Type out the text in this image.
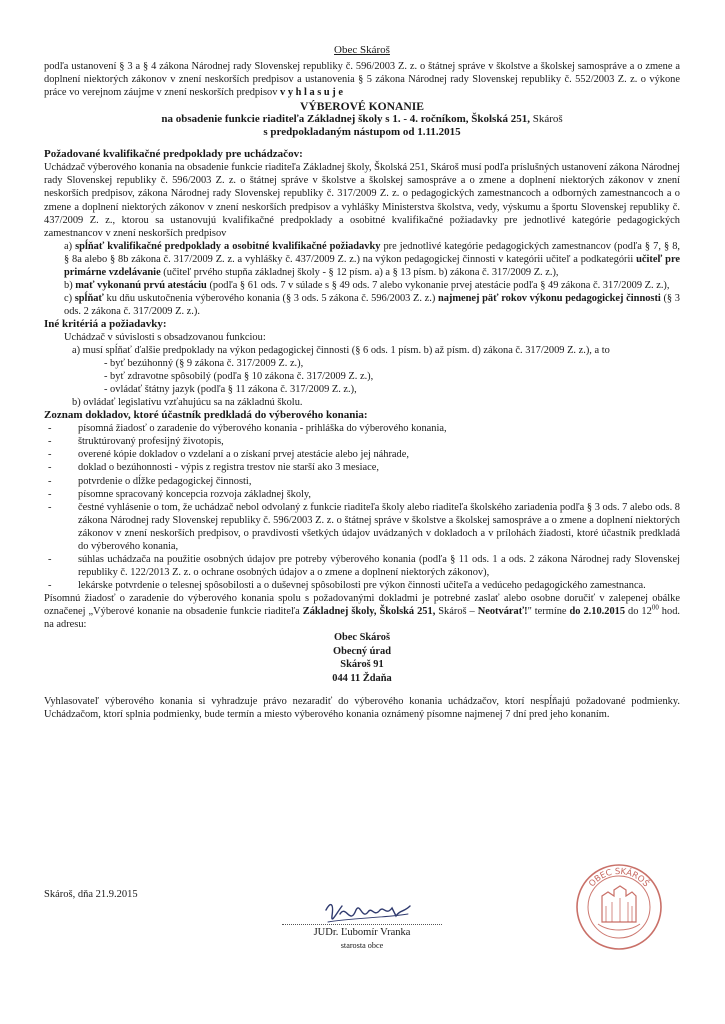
Obec Skároš

podľa ustanovení § 3 a § 4 zákona Národnej rady Slovenskej republiky č. 596/2003 Z. z. o štátnej správe v školstve a školskej samospráve a o zmene a doplnení niektorých zákonov v znení neskorších predpisov a ustanovenia § 5 zákona Národnej rady Slovenskej republiky č. 552/2003 Z. z. o výkone práce vo verejnom záujme v znení neskorších predpisov v y h l a s u j e

VÝBEROVÉ KONANIE

na obsadenie funkcie riaditeľa Základnej školy s 1. - 4. ročníkom, Školská 251, Skároš

s predpokladaným nástupom od 1.11.2015

Požadované kvalifikačné predpoklady pre uchádzačov:

Uchádzač výberového konania na obsadenie funkcie riaditeľa Základnej školy, Školská 251, Skároš musí podľa príslušných ustanovení zákona Národnej rady Slovenskej republiky č. 596/2003 Z. z. o štátnej správe v školstve a školskej samospráve a o zmene a doplnení niektorých zákonov v znení neskorších predpisov, zákona Národnej rady Slovenskej republiky č. 317/2009 Z. z. o pedagogických zamestnancoch a odborných zamestnancoch a o zmene a doplnení niektorých zákonov v znení neskorších predpisov a vyhlášky Ministerstva školstva, vedy, výskumu a športu Slovenskej republiky č. 437/2009 Z. z., ktorou sa ustanovujú kvalifikačné predpoklady a osobitné kvalifikačné požiadavky pre jednotlivé kategórie pedagogických zamestnancov v znení neskorších predpisov

a) spĺňať kvalifikačné predpoklady a osobitné kvalifikačné požiadavky pre jednotlivé kategórie pedagogických zamestnancov (podľa § 7, § 8, § 8a alebo § 8b zákona č. 317/2009 Z. z. a vyhlášky č. 437/2009 Z. z.) na výkon pedagogickej činnosti v kategórii učiteľ a podkategórii učiteľ pre primárne vzdelávanie (učiteľ prvého stupňa základnej školy - § 12 písm. a) a § 13 písm. b) zákona č. 317/2009 Z. z.),

b) mať vykonanú prvú atestáciu (podľa § 61 ods. 7 v súlade s § 49 ods. 7 alebo vykonanie prvej atestácie podľa § 49 zákona č. 317/2009 Z. z.),

c) spĺňať ku dňu uskutočnenia výberového konania (§ 3 ods. 5 zákona č. 596/2003 Z. z.) najmenej päť rokov výkonu pedagogickej činnosti (§ 3 ods. 2 zákona č. 317/2009 Z. z.).

Iné kritériá a požiadavky:

Uchádzač v súvislosti s obsadzovanou funkciou:

a) musí spĺňať ďalšie predpoklady na výkon pedagogickej činnosti (§ 6 ods. 1 písm. b) až písm. d) zákona č. 317/2009 Z. z.), a to

- byť bezúhonný (§ 9 zákona č. 317/2009 Z. z.),

- byť zdravotne spôsobilý (podľa § 10 zákona č. 317/2009 Z. z.),

- ovládať štátny jazyk (podľa § 11 zákona č. 317/2009 Z. z.),

b) ovládať legislatívu vzťahujúcu sa na základnú školu.

Zoznam dokladov, ktoré účastník predkladá do výberového konania:

-	písomná žiadosť o zaradenie do výberového konania - prihláška do výberového konania,
-	štruktúrovaný profesijný životopis,
-	overené kópie dokladov o vzdelaní a o získaní prvej atestácie alebo jej náhrade,
-	doklad o bezúhonnosti - výpis z registra trestov nie starší ako 3 mesiace,
-	potvrdenie o dĺžke pedagogickej činnosti,
-	písomne spracovaný koncepcia rozvoja základnej školy,
-	čestné vyhlásenie o tom, že uchádzač nebol odvolaný z funkcie riaditeľa školy alebo riaditeľa školského zariadenia podľa § 3 ods. 7 alebo ods. 8 zákona Národnej rady Slovenskej republiky č. 596/2003 Z. z. o štátnej správe v školstve a školskej samospráve a o zmene a doplnení niektorých zákonov v znení neskorších predpisov, o pravdivosti všetkých údajov uvádzaných v dokladoch a v prílohách žiadosti, ktoré účastník predkladá do výberového konania,
-	súhlas uchádzača na použitie osobných údajov pre potreby výberového konania (podľa § 11 ods. 1 a ods. 2 zákona Národnej rady Slovenskej republiky č. 122/2013 Z. z. o ochrane osobných údajov a o zmene a doplnení niektorých zákonov),
-	lekárske potvrdenie o telesnej spôsobilosti a o duševnej spôsobilosti pre výkon činnosti učiteľa a vedúceho pedagogického zamestnanca.

Písomnú žiadosť o zaradenie do výberového konania spolu s požadovanými dokladmi je potrebné zaslať alebo osobne doručiť v zalepenej obálke označenej „Výberové konanie na obsadenie funkcie riaditeľa Základnej školy, Školská 251, Skároš – Neotvárať!" termíne do 2.10.2015 do $12^{00}$ hod. na adresu:

Obec Skároš
Obecný úrad
Skároš 91
044 11 Ždaňa

Vyhlasovateľ výberového konania si vyhradzuje právo nezaradiť do výberového konania uchádzačov, ktorí nespĺňajú požadované podmienky. Uchádzačom, ktorí splnia podmienky, bude termín a miesto výberového konania oznámený písomne najmenej 7 dní pred jeho konaním.

Skároš, dňa 21.9.2015
JUDr. Ľubomír Vranka
starosta obce
OBEC SKÁROŠ
